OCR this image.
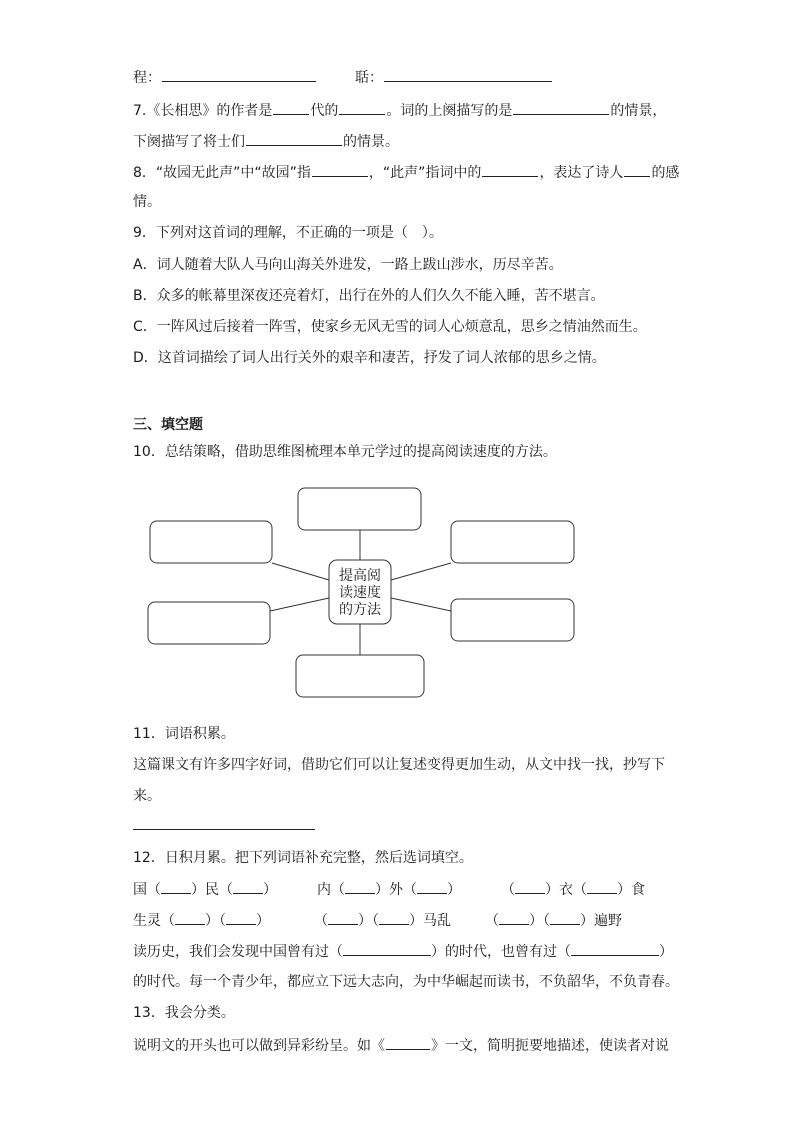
程：	聒：
7.《长相思》的作者是	代的	。词的上阕描写的是	的情景，
下阕描写了将士们	的情景。
8．“故园无此声”中“故园”指	，“此声”指词中的	，表达了诗人 的感
情。
9．下列对这首词的理解，不正确的一项是（　）。
A．词人随着大队人马向山海关外进发，一路上跋山涉水，历尽辛苦。
B．众多的帐幕里深夜还亮着灯，出行在外的人们久久不能入睡，苦不堪言。
C．一阵风过后接着一阵雪，使家乡无风无雪的词人心烦意乱，思乡之情油然而生。
D．这首词描绘了词人出行关外的艰辛和凄苦，抒发了词人浓郁的思乡之情。
三、填空题
10．总结策略，借助思维图梳理本单元学过的提高阅读速度的方法。
提高阅
读速度
的方法
11．词语积累。
这篇课文有许多四字好词，借助它们可以让复述变得更加生动，从文中找一找，抄写下
来。
12．日积月累。把下列词语补充完整，然后选词填空。
国（ ）民（ ）	内（ ）外（ ）	（ ）衣（ ）食
生灵（ ）（ ）	（ ）（ ）马乱 （ ）（ ）遍野
读历史，我们会发现中国曾有过（	）的时代，也曾有过（	）
的时代。每一个青少年，都应立下远大志向，为中华崛起而读书，不负韶华，不负青春。
13．我会分类。
说明文的开头也可以做到异彩纷呈。如《	》一文，简明扼要地描述，使读者对说
